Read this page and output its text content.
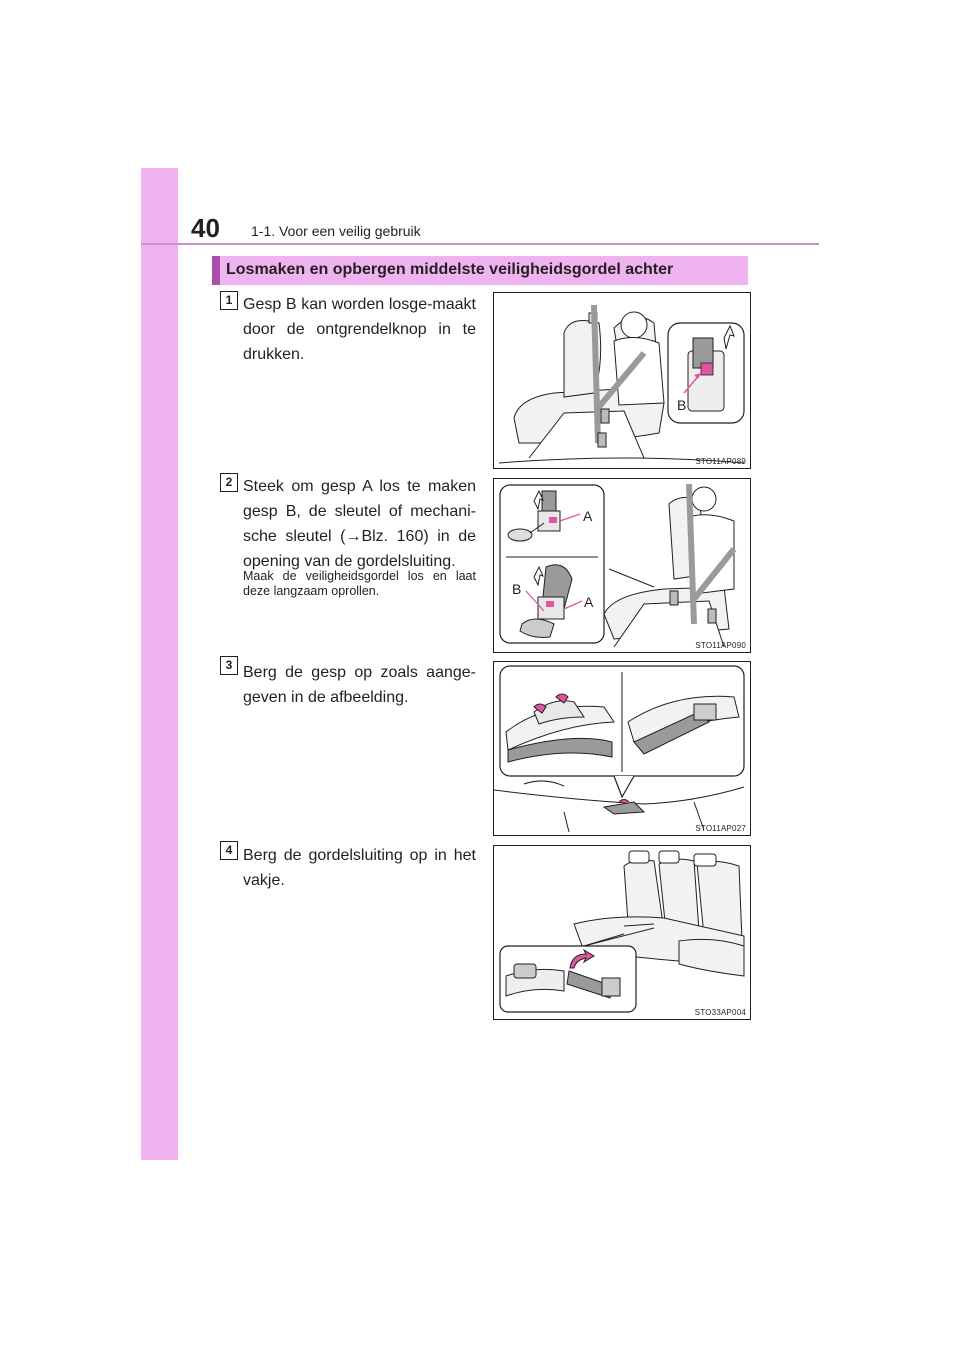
40 1-1. Voor een veilig gebruik
Losmaken en opbergen middelste veiligheidsgordel achter
1 Gesp B kan worden losge-maakt door de ontgrendelknop in te drukken.
B
STO11AP089
2 Steek om gesp A los te maken gesp B, de sleutel of mechani-sche sleutel (→Blz. 160) in de opening van de gordelsluiting.
Maak de veiligheidsgordel los en laat deze langzaam oprollen.
A
B
A
STO11AP090
3 Berg de gesp op zoals aange-geven in de afbeelding.
STO11AP027
4 Berg de gordelsluiting op in het vakje.
STO33AP004
